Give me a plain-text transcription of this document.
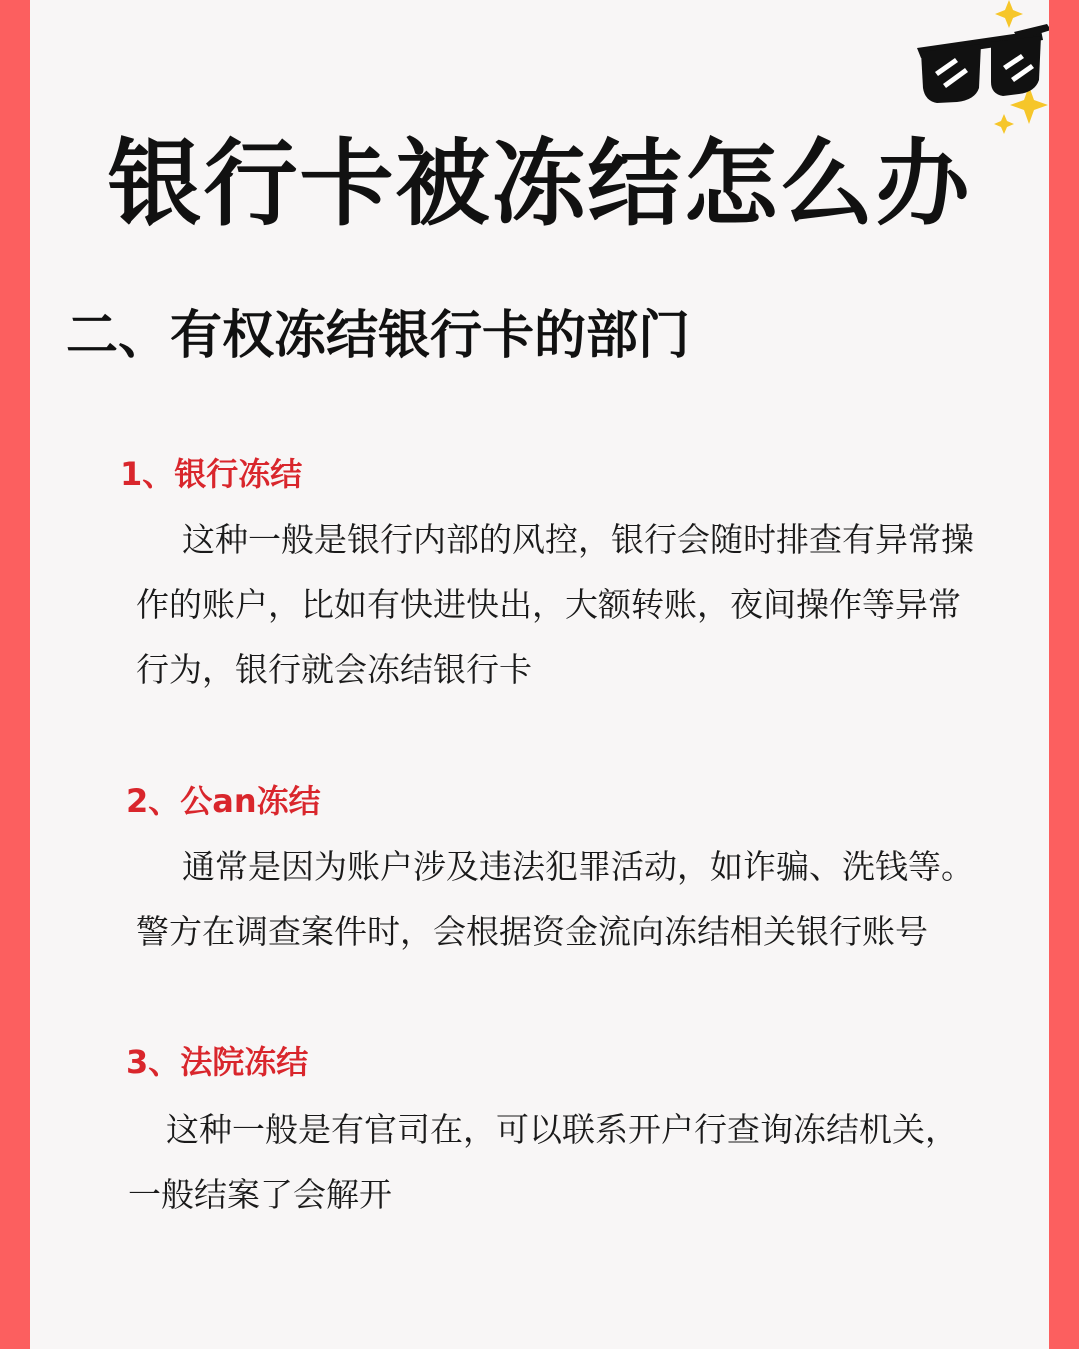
银行卡被冻结怎么办
二、有权冻结银行卡的部门
1、银行冻结
这种一般是银行内部的风控，银行会随时排查有异常操
作的账户，比如有快进快出，大额转账，夜间操作等异常
行为，银行就会冻结银行卡
2、公an冻结
通常是因为账户涉及违法犯罪活动，如诈骗、洗钱等。
警方在调查案件时，会根据资金流向冻结相关银行账号
3、法院冻结
这种一般是有官司在，可以联系开户行查询冻结机关，
一般结案了会解开
